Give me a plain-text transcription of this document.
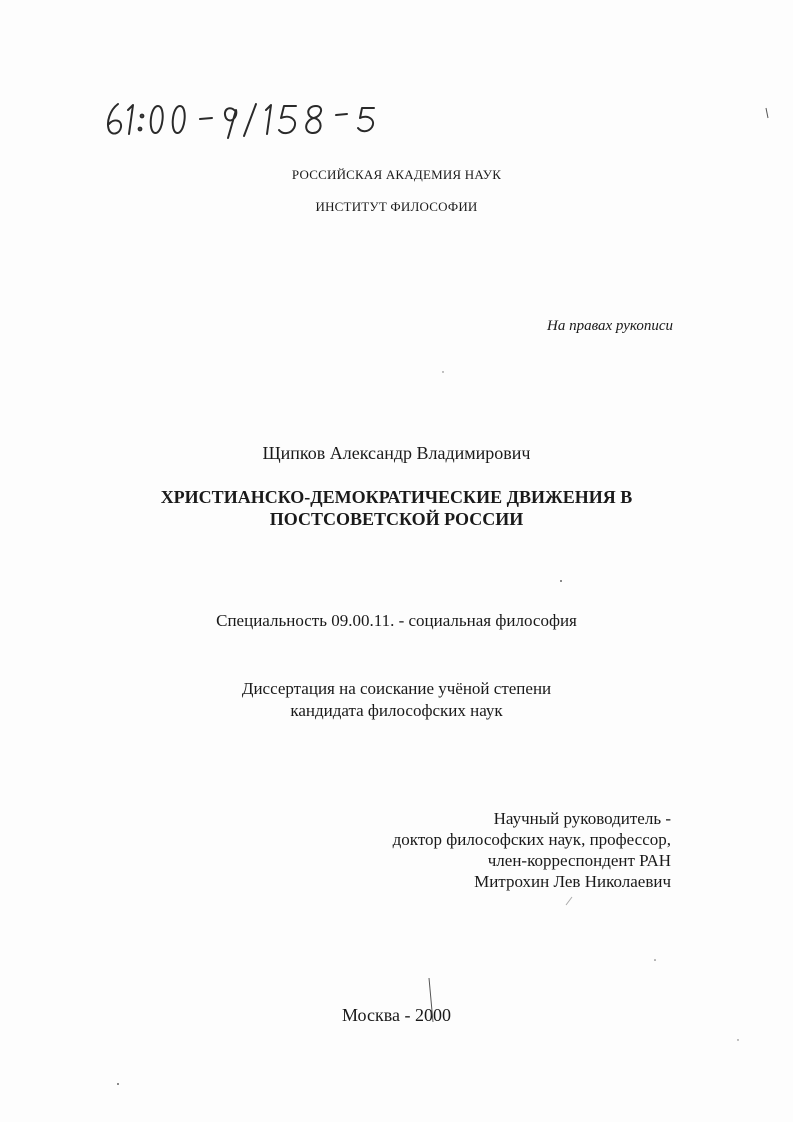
РОССИЙСКАЯ АКАДЕМИЯ НАУК
ИНСТИТУТ ФИЛОСОФИИ
На правах рукописи
Щипков Александр Владимирович
ХРИСТИАНСКО-ДЕМОКРАТИЧЕСКИЕ ДВИЖЕНИЯ В
ПОСТСОВЕТСКОЙ РОССИИ
Специальность 09.00.11. - социальная философия
Диссертация на соискание учёной степени
кандидата философских наук
Научный руководитель -
доктор философских наук, профессор,
член-корреспондент РАН
Митрохин Лев Николаевич
Москва - 2000
